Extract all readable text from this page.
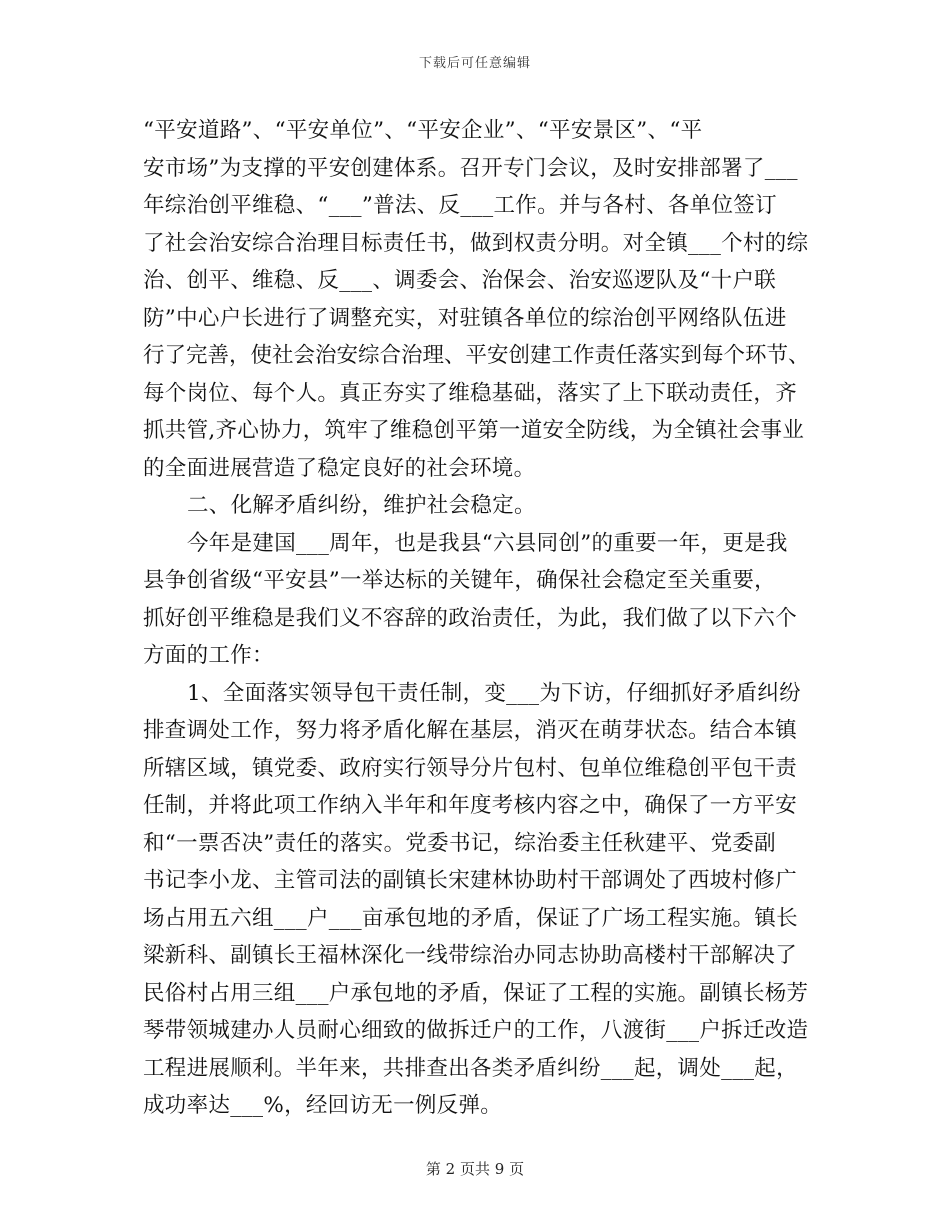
下载后可任意编辑
“平安道路”、“平安单位”、“平安企业”、“平安景区”、“平
安市场”为支撑的平安创建体系。召开专门会议，及时安排部署了___
年综治创平维稳、“___”普法、反___工作。并与各村、各单位签订
了社会治安综合治理目标责任书，做到权责分明。对全镇___个村的综
治、创平、维稳、反___、调委会、治保会、治安巡逻队及“十户联
防”中心户长进行了调整充实，对驻镇各单位的综治创平网络队伍进
行了完善，使社会治安综合治理、平安创建工作责任落实到每个环节、
每个岗位、每个人。真正夯实了维稳基础，落实了上下联动责任，齐
抓共管,齐心协力，筑牢了维稳创平第一道安全防线，为全镇社会事业
的全面进展营造了稳定良好的社会环境。
二、化解矛盾纠纷，维护社会稳定。
今年是建国___周年，也是我县“六县同创”的重要一年，更是我
县争创省级“平安县”一举达标的关键年，确保社会稳定至关重要，
抓好创平维稳是我们义不容辞的政治责任，为此，我们做了以下六个
方面的工作：
1、全面落实领导包干责任制，变___为下访，仔细抓好矛盾纠纷
排查调处工作，努力将矛盾化解在基层，消灭在萌芽状态。结合本镇
所辖区域，镇党委、政府实行领导分片包村、包单位维稳创平包干责
任制，并将此项工作纳入半年和年度考核内容之中，确保了一方平安
和“一票否决”责任的落实。党委书记，综治委主任秋建平、党委副
书记李小龙、主管司法的副镇长宋建林协助村干部调处了西坡村修广
场占用五六组___户___亩承包地的矛盾，保证了广场工程实施。镇长
梁新科、副镇长王福林深化一线带综治办同志协助高楼村干部解决了
民俗村占用三组___户承包地的矛盾，保证了工程的实施。副镇长杨芳
琴带领城建办人员耐心细致的做拆迁户的工作，八渡街___户拆迁改造
工程进展顺利。半年来，共排查出各类矛盾纠纷___起，调处___起，
成功率达___%，经回访无一例反弹。
第 2 页共 9 页
